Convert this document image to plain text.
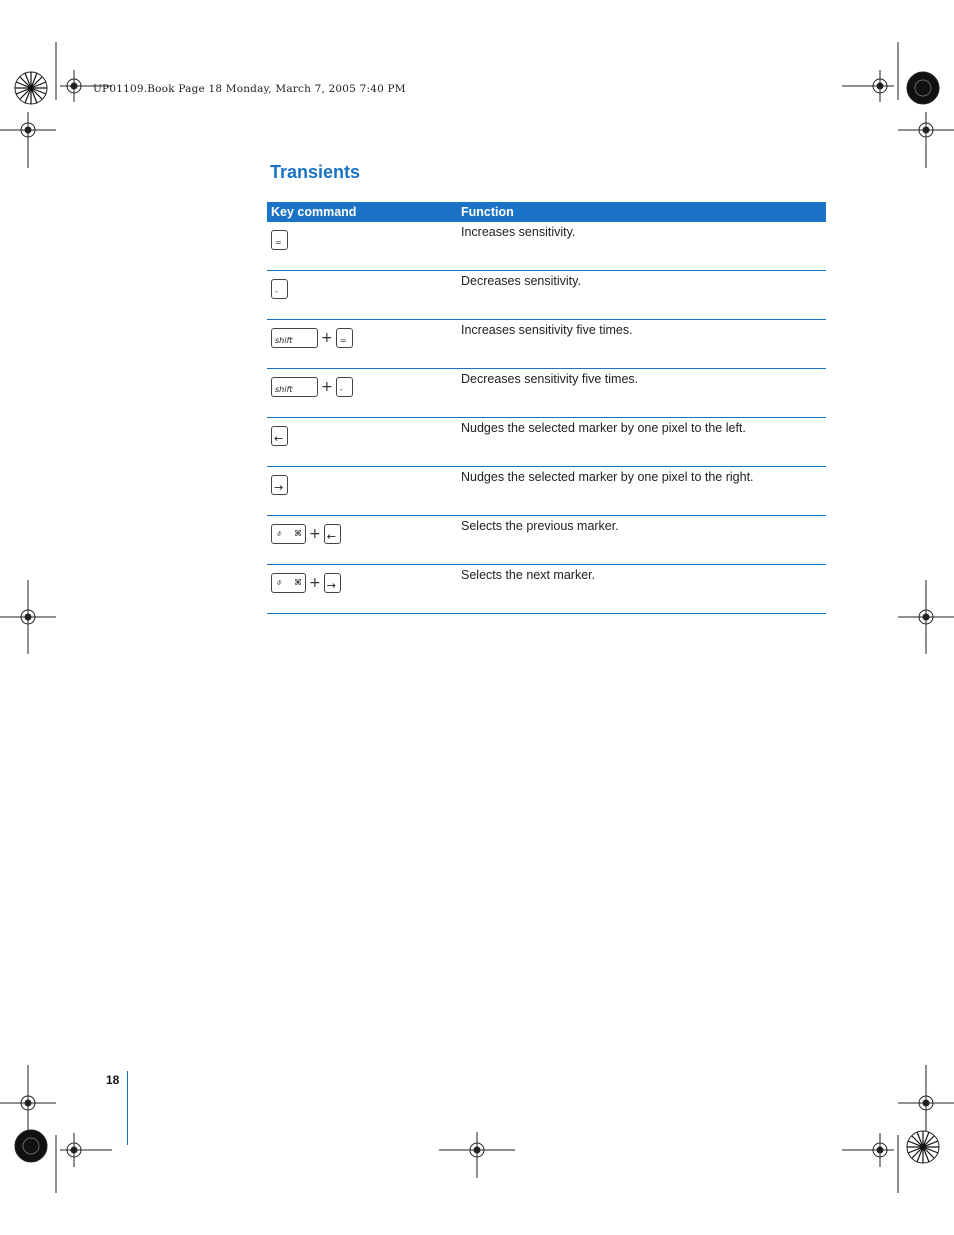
UP01109.Book Page 18 Monday, March 7, 2005 7:40 PM
Transients
Key command	Function

=	Increases sensitivity.

-	Decreases sensitivity.

shift + =	Increases sensitivity five times.

shift + -	Decreases sensitivity five times.

←	Nudges the selected marker by one pixel to the left.

→	Nudges the selected marker by one pixel to the right.

⌽ ⌘ + ←	Selects the previous marker.

⌽ ⌘ + →	Selects the next marker.
18
